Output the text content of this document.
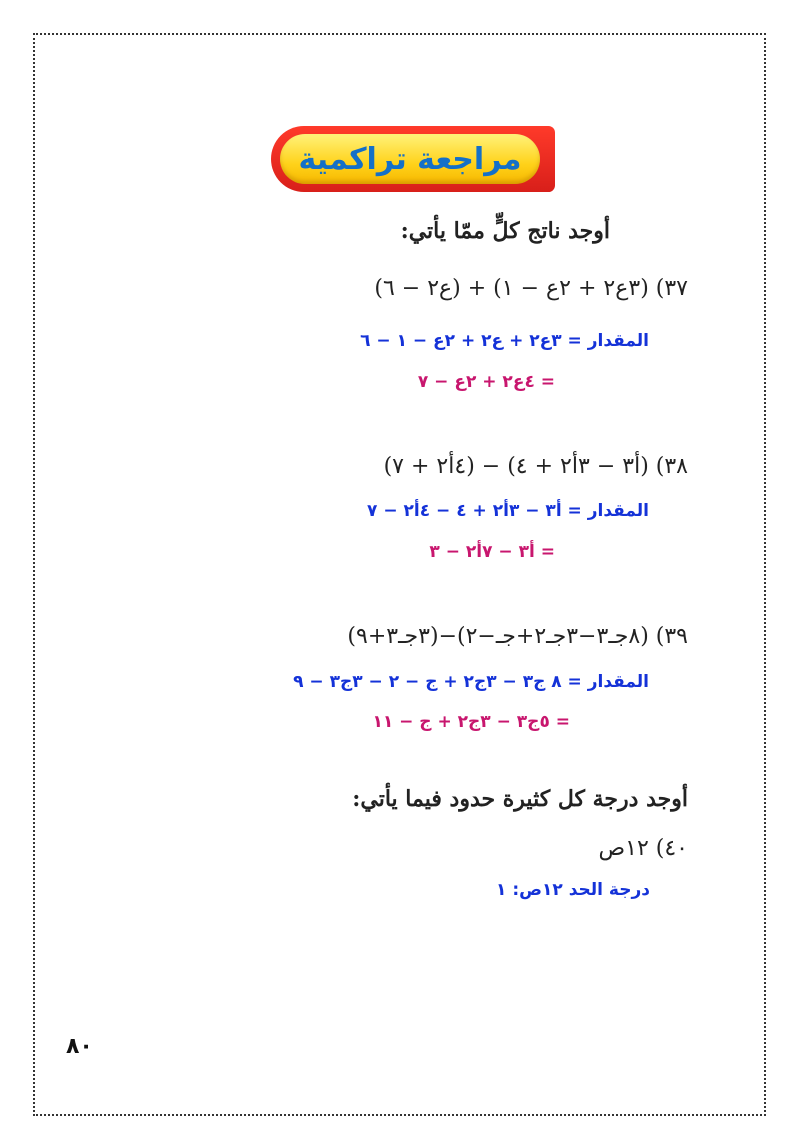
مراجعة تراكمية
أوجد ناتج كلٍّ ممّا يأتي:
٣٧) (٣ع٢ + ٢ع − ١) + (ع٢ − ٦)
المقدار = ٣ع٢ + ع٢ + ٢ع − ١ − ٦
= ٤ع٢ + ٢ع − ٧
٣٨) (أ٣ − ٣أ٢ + ٤) − (٤أ٢ + ٧)
المقدار = أ٣ − ٣أ٢ + ٤ − ٤أ٢ − ٧
= أ٣ − ٧أ٢ − ٣
٣٩) (٨جـ٣−٣جـ٢+جـ−٢)−(٣جـ٣+٩)
المقدار = ٨ ج٣ − ٣ج٢ + ج − ٢ − ٣ج٣ − ٩
= ٥ج٣ − ٣ج٢ + ج − ١١
أوجد درجة كل كثيرة حدود فيما يأتي:
٤٠) ١٢ص
درجة الحد ١٢ص: ١
٨٠
